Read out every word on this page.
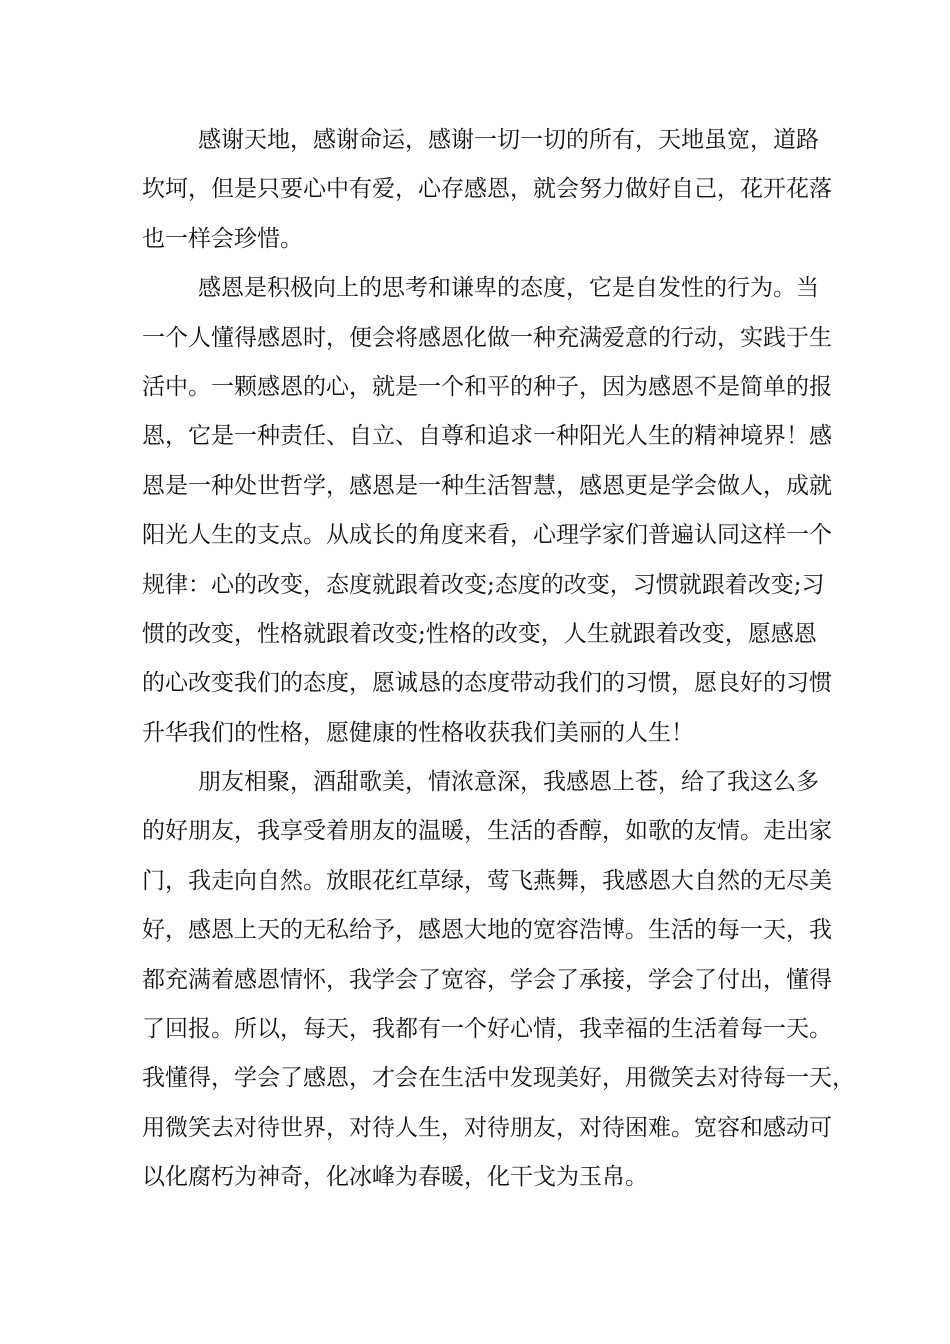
感谢天地，感谢命运，感谢一切一切的所有，天地虽宽，道路

坎坷，但是只要心中有爱，心存感恩，就会努力做好自己，花开花落

也一样会珍惜。

感恩是积极向上的思考和谦卑的态度，它是自发性的行为。当

一个人懂得感恩时，便会将感恩化做一种充满爱意的行动，实践于生

活中。一颗感恩的心，就是一个和平的种子，因为感恩不是简单的报

恩，它是一种责任、自立、自尊和追求一种阳光人生的精神境界！感

恩是一种处世哲学，感恩是一种生活智慧，感恩更是学会做人，成就

阳光人生的支点。从成长的角度来看，心理学家们普遍认同这样一个

规律：心的改变，态度就跟着改变;态度的改变，习惯就跟着改变;习

惯的改变，性格就跟着改变;性格的改变，人生就跟着改变，愿感恩

的心改变我们的态度，愿诚恳的态度带动我们的习惯，愿良好的习惯

升华我们的性格，愿健康的性格收获我们美丽的人生！

朋友相聚，酒甜歌美，情浓意深，我感恩上苍，给了我这么多

的好朋友，我享受着朋友的温暖，生活的香醇，如歌的友情。走出家

门，我走向自然。放眼花红草绿，莺飞燕舞，我感恩大自然的无尽美

好，感恩上天的无私给予，感恩大地的宽容浩博。生活的每一天，我

都充满着感恩情怀，我学会了宽容，学会了承接，学会了付出，懂得

了回报。所以，每天，我都有一个好心情，我幸福的生活着每一天。

我懂得，学会了感恩，才会在生活中发现美好，用微笑去对待每一天，

用微笑去对待世界，对待人生，对待朋友，对待困难。宽容和感动可

以化腐朽为神奇，化冰峰为春暖，化干戈为玉帛。
